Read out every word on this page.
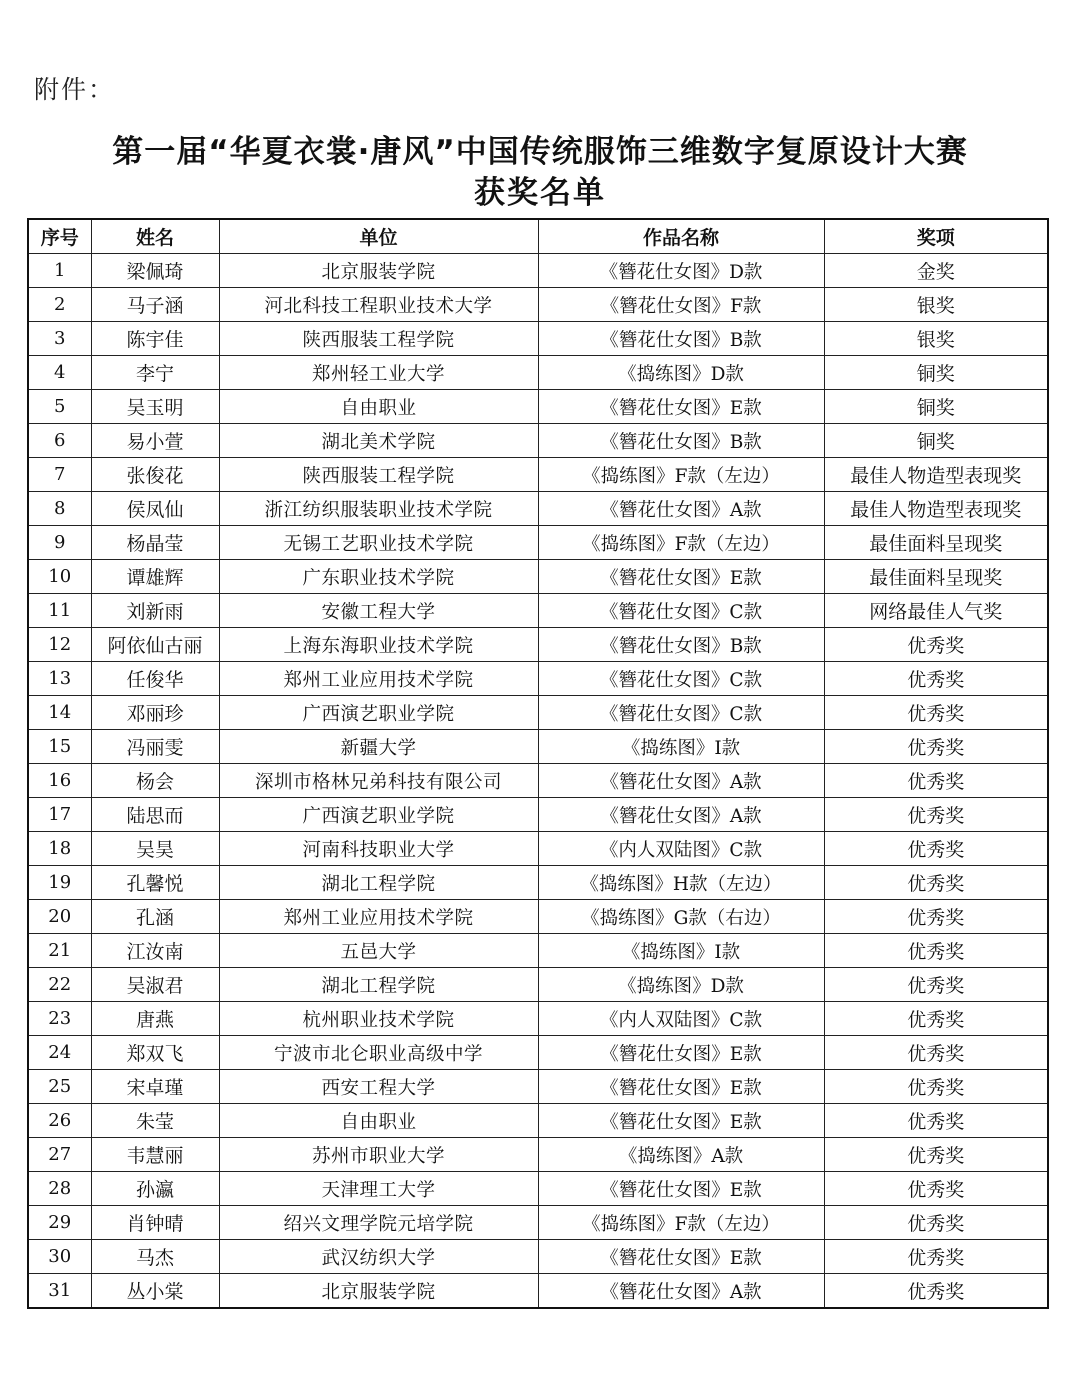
附件：
第一届“华夏衣裳·唐风”中国传统服饰三维数字复原设计大赛
获奖名单
序号	姓名	单位	作品名称	奖项
1	梁佩琦	北京服装学院	《簪花仕女图》D款	金奖
2	马子涵	河北科技工程职业技术大学	《簪花仕女图》F款	银奖
3	陈宇佳	陕西服装工程学院	《簪花仕女图》B款	银奖
4	李宁	郑州轻工业大学	《捣练图》D款	铜奖
5	吴玉明	自由职业	《簪花仕女图》E款	铜奖
6	易小萱	湖北美术学院	《簪花仕女图》B款	铜奖
7	张俊花	陕西服装工程学院	《捣练图》F款（左边）	最佳人物造型表现奖
8	侯凤仙	浙江纺织服装职业技术学院	《簪花仕女图》A款	最佳人物造型表现奖
9	杨晶莹	无锡工艺职业技术学院	《捣练图》F款（左边）	最佳面料呈现奖
10	谭雄辉	广东职业技术学院	《簪花仕女图》E款	最佳面料呈现奖
11	刘新雨	安徽工程大学	《簪花仕女图》C款	网络最佳人气奖
12	阿依仙古丽	上海东海职业技术学院	《簪花仕女图》B款	优秀奖
13	任俊华	郑州工业应用技术学院	《簪花仕女图》C款	优秀奖
14	邓丽珍	广西演艺职业学院	《簪花仕女图》C款	优秀奖
15	冯丽雯	新疆大学	《捣练图》I款	优秀奖
16	杨会	深圳市格林兄弟科技有限公司	《簪花仕女图》A款	优秀奖
17	陆思而	广西演艺职业学院	《簪花仕女图》A款	优秀奖
18	吴昊	河南科技职业大学	《内人双陆图》C款	优秀奖
19	孔馨悦	湖北工程学院	《捣练图》H款（左边）	优秀奖
20	孔涵	郑州工业应用技术学院	《捣练图》G款（右边）	优秀奖
21	江汝南	五邑大学	《捣练图》I款	优秀奖
22	吴淑君	湖北工程学院	《捣练图》D款	优秀奖
23	唐燕	杭州职业技术学院	《内人双陆图》C款	优秀奖
24	郑双飞	宁波市北仑职业高级中学	《簪花仕女图》E款	优秀奖
25	宋卓瑾	西安工程大学	《簪花仕女图》E款	优秀奖
26	朱莹	自由职业	《簪花仕女图》E款	优秀奖
27	韦慧丽	苏州市职业大学	《捣练图》A款	优秀奖
28	孙瀛	天津理工大学	《簪花仕女图》E款	优秀奖
29	肖钟晴	绍兴文理学院元培学院	《捣练图》F款（左边）	优秀奖
30	马杰	武汉纺织大学	《簪花仕女图》E款	优秀奖
31	丛小棠	北京服装学院	《簪花仕女图》A款	优秀奖
